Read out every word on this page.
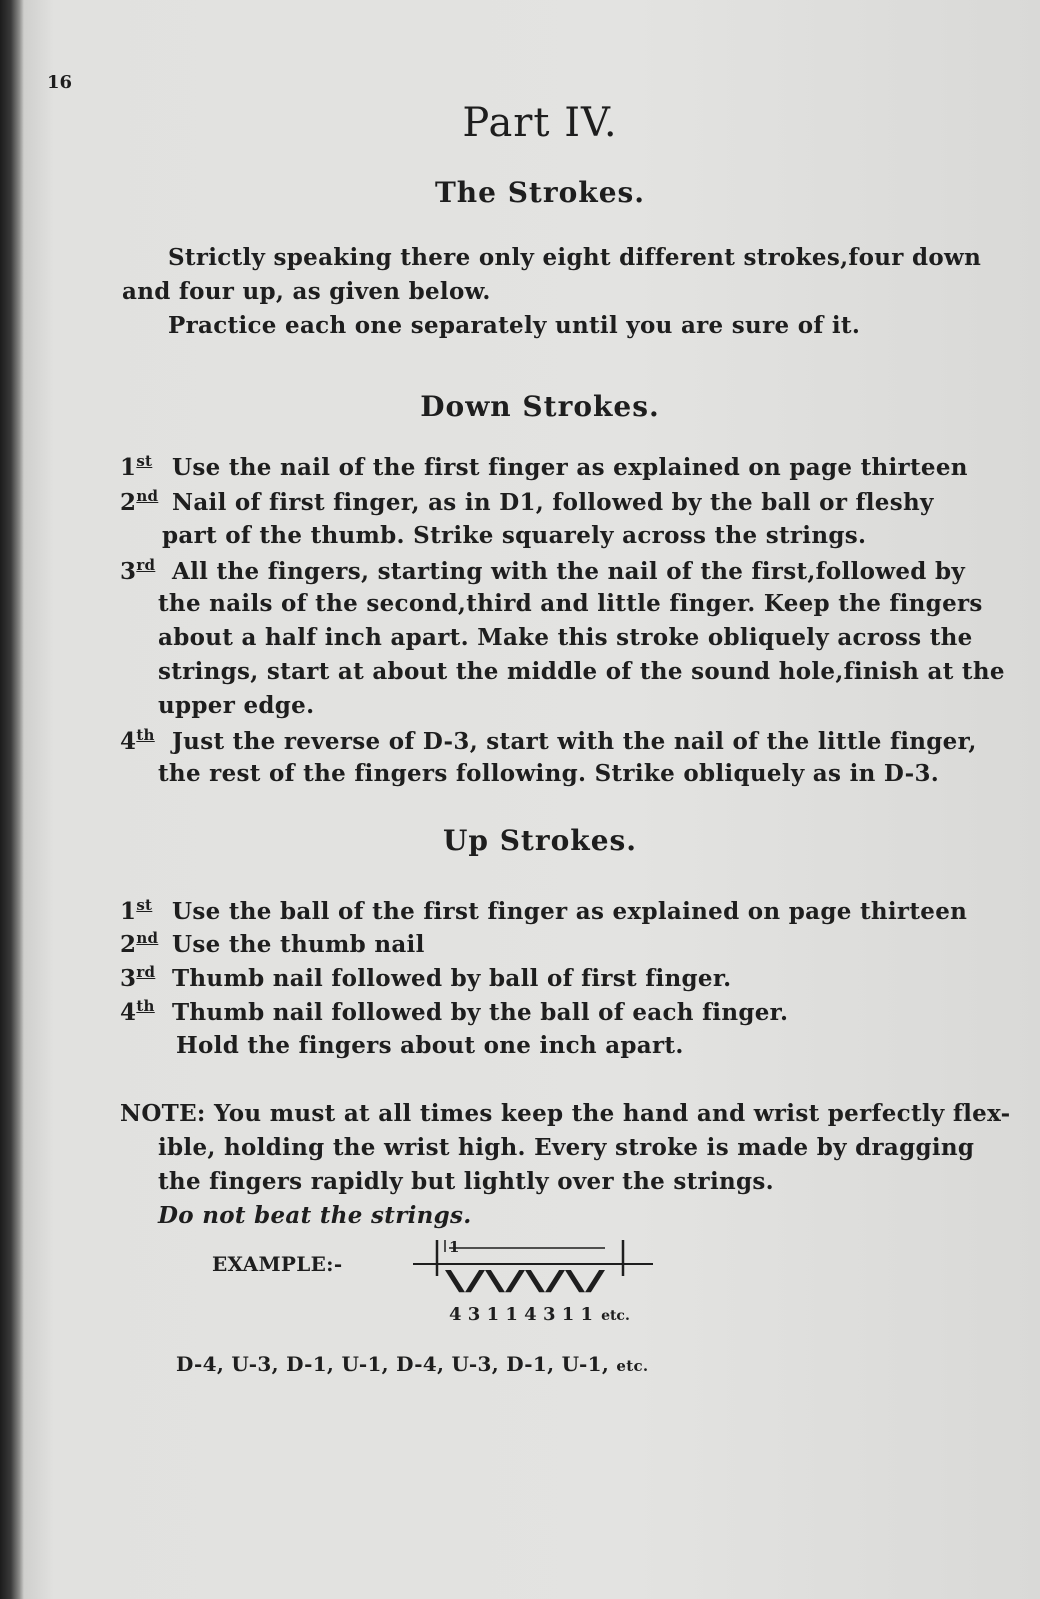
16
Part IV.
The Strokes.
Strictly speaking there only eight different strokes,four down
and four up, as given below.
Practice each one separately until you are sure of it.
Down Strokes.
1st Use the nail of the first finger as explained on page thirteen
2nd Nail of first finger, as in D1, followed by the ball or fleshy
part of the thumb. Strike squarely across the strings.
3rd All the fingers, starting with the nail of the first,followed by
the nails of the second,third and little finger. Keep the fingers
about a half inch apart. Make this stroke obliquely across the
strings, start at about the middle of the sound hole,finish at the
upper edge.
4th Just the reverse of D-3, start with the nail of the little finger,
the rest of the fingers following. Strike obliquely as in D-3.
Up Strokes.
1st Use the ball of the first finger as explained on page thirteen
2nd Use the thumb nail
3rd Thumb nail followed by ball of first finger.
4th Thumb nail followed by the ball of each finger.
Hold the fingers about one inch apart.
NOTE: You must at all times keep the hand and wrist perfectly flex-
ible, holding the wrist high. Every stroke is made by dragging
the fingers rapidly but lightly over the strings.
Do not beat the strings.
EXAMPLE:-
1
\/\/\/\/
4 3 1 1 4 3 1 1 etc.
D-4, U-3, D-1, U-1, D-4, U-3, D-1, U-1, etc.
